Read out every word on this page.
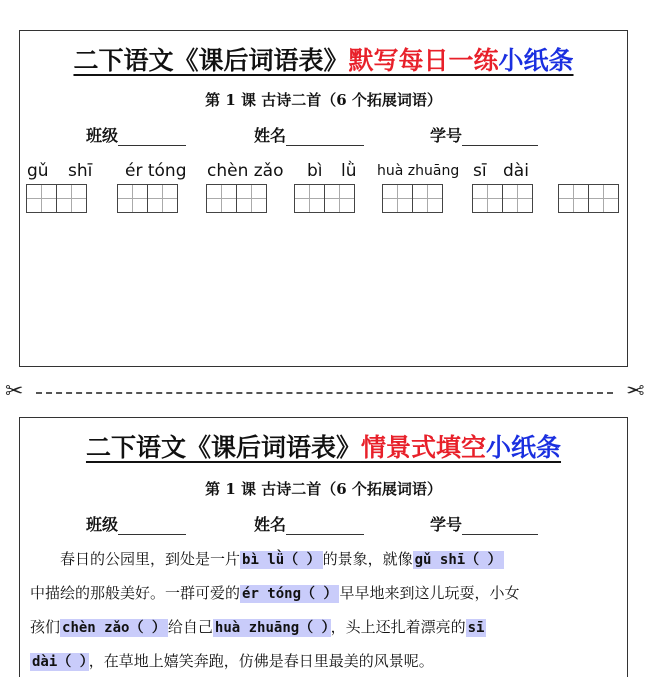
二下语文《课后词语表》默写每日一练小纸条
第 1 课 古诗二首（6 个拓展词语）
班级	姓名	学号
gǔ shī ér tóng chèn zǎo bì lǜ huà zhuāng sī dài
✂	✂
二下语文《课后词语表》情景式填空小纸条
第 1 课 古诗二首（6 个拓展词语）
班级	姓名	学号
春日的公园里，到处是一片 bì lǜ（ ） 的景象，就像 gǔ shī（ ）
中描绘的那般美好。一群可爱的 ér tóng（ ） 早早地来到这儿玩耍，小女
孩们 chèn zǎo（ ） 给自己 huà zhuāng（ ） ，头上还扎着漂亮的 sī
dài（ ） ，在草地上嬉笑奔跑，仿佛是春日里最美的风景呢。
